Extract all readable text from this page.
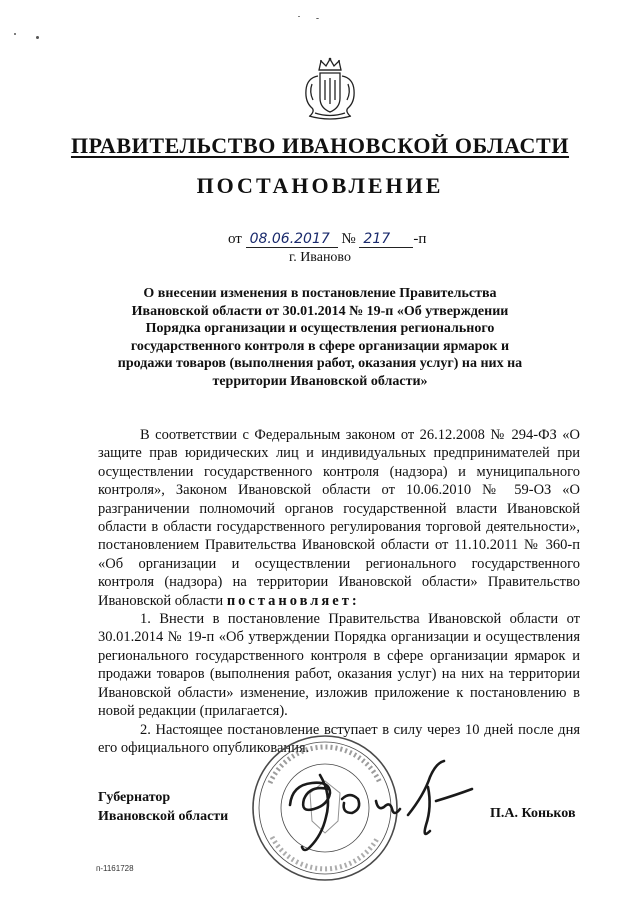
ПРАВИТЕЛЬСТВО ИВАНОВСКОЙ ОБЛАСТИ
ПОСТАНОВЛЕНИЕ
от 08.06.2017 № 217 -п
г. Иваново
О внесении изменения в постановление Правительства Ивановской области от 30.01.2014 № 19-п «Об утверждении Порядка организации и осуществления регионального государственного контроля в сфере организации ярмарок и продажи товаров (выполнения работ, оказания услуг) на них на территории Ивановской области»

В соответствии с Федеральным законом от 26.12.2008 № 294-ФЗ «О защите прав юридических лиц и индивидуальных предпринимателей при осуществлении государственного контроля (надзора) и муниципального контроля», Законом Ивановской области от 10.06.2010 № 59-ОЗ «О разграничении полномочий органов государственной власти Ивановской области в области государственного регулирования торговой деятельности», постановлением Правительства Ивановской области от 11.10.2011 № 360-п «Об организации и осуществлении регионального государственного контроля (надзора) на территории Ивановской области» Правительство Ивановской области постановляет:

1. Внести в постановление Правительства Ивановской области от 30.01.2014 № 19-п «Об утверждении Порядка организации и осуществления регионального государственного контроля в сфере организации ярмарок и продажи товаров (выполнения работ, оказания услуг) на них на территории Ивановской области» изменение, изложив приложение к постановлению в новой редакции (прилагается).

2. Настоящее постановление вступает в силу через 10 дней после дня его официального опубликования.

Губернатор
Ивановской области	П.А. Коньков
п-1161728
